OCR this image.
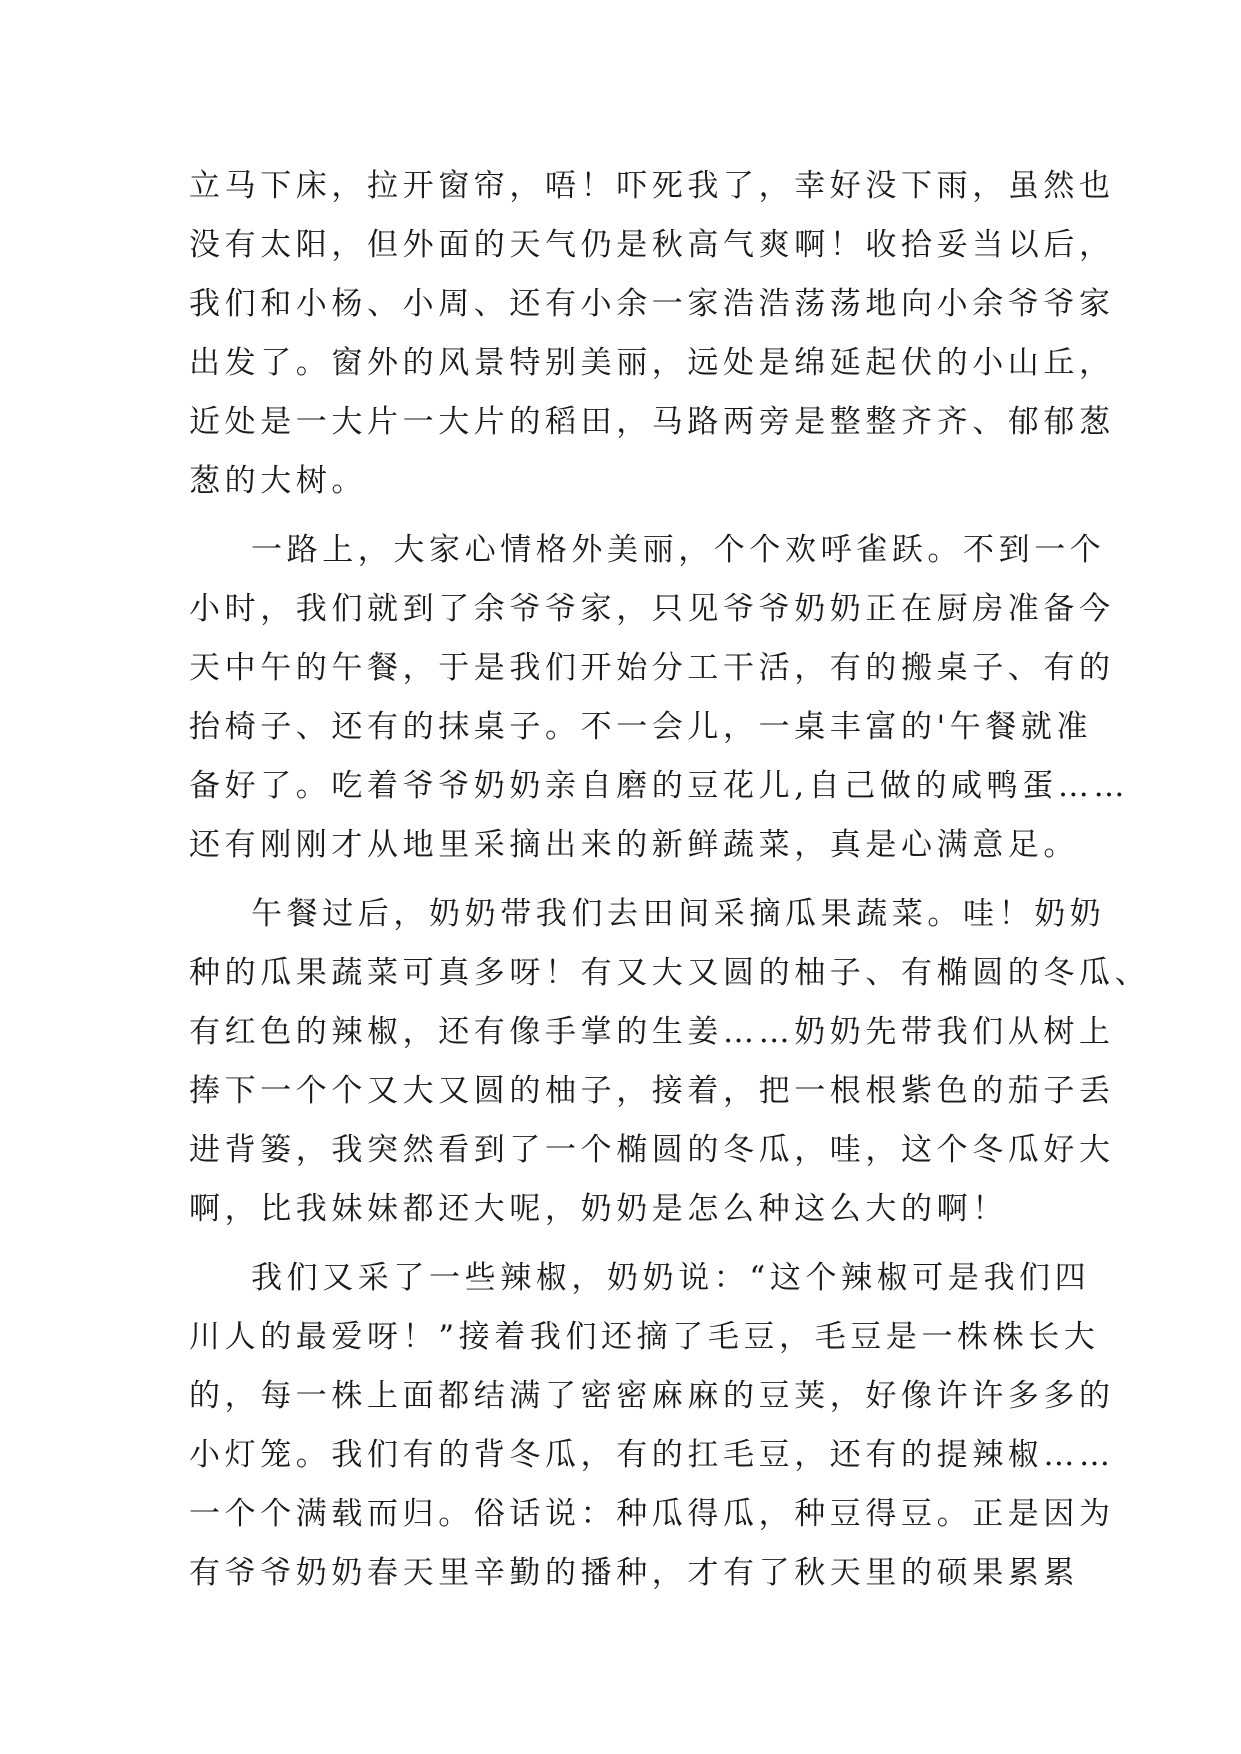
立马下床，拉开窗帘，唔！吓死我了，幸好没下雨，虽然也
没有太阳，但外面的天气仍是秋高气爽啊！收拾妥当以后，
我们和小杨、小周、还有小余一家浩浩荡荡地向小余爷爷家
出发了。窗外的风景特别美丽，远处是绵延起伏的小山丘，
近处是一大片一大片的稻田，马路两旁是整整齐齐、郁郁葱
葱的大树。
一路上，大家心情格外美丽，个个欢呼雀跃。不到一个
小时，我们就到了余爷爷家，只见爷爷奶奶正在厨房准备今
天中午的午餐，于是我们开始分工干活，有的搬桌子、有的
抬椅子、还有的抹桌子。不一会儿，一桌丰富的'午餐就准
备好了。吃着爷爷奶奶亲自磨的豆花儿,自己做的咸鸭蛋……
还有刚刚才从地里采摘出来的新鲜蔬菜，真是心满意足。
午餐过后，奶奶带我们去田间采摘瓜果蔬菜。哇！奶奶
种的瓜果蔬菜可真多呀！有又大又圆的柚子、有椭圆的冬瓜、
有红色的辣椒，还有像手掌的生姜……奶奶先带我们从树上
捧下一个个又大又圆的柚子，接着，把一根根紫色的茄子丢
进背篓，我突然看到了一个椭圆的冬瓜，哇，这个冬瓜好大
啊，比我妹妹都还大呢，奶奶是怎么种这么大的啊！
我们又采了一些辣椒，奶奶说：“这个辣椒可是我们四
川人的最爱呀！”接着我们还摘了毛豆，毛豆是一株株长大
的，每一株上面都结满了密密麻麻的豆荚，好像许许多多的
小灯笼。我们有的背冬瓜，有的扛毛豆，还有的提辣椒……
一个个满载而归。俗话说：种瓜得瓜，种豆得豆。正是因为
有爷爷奶奶春天里辛勤的播种，才有了秋天里的硕果累累
